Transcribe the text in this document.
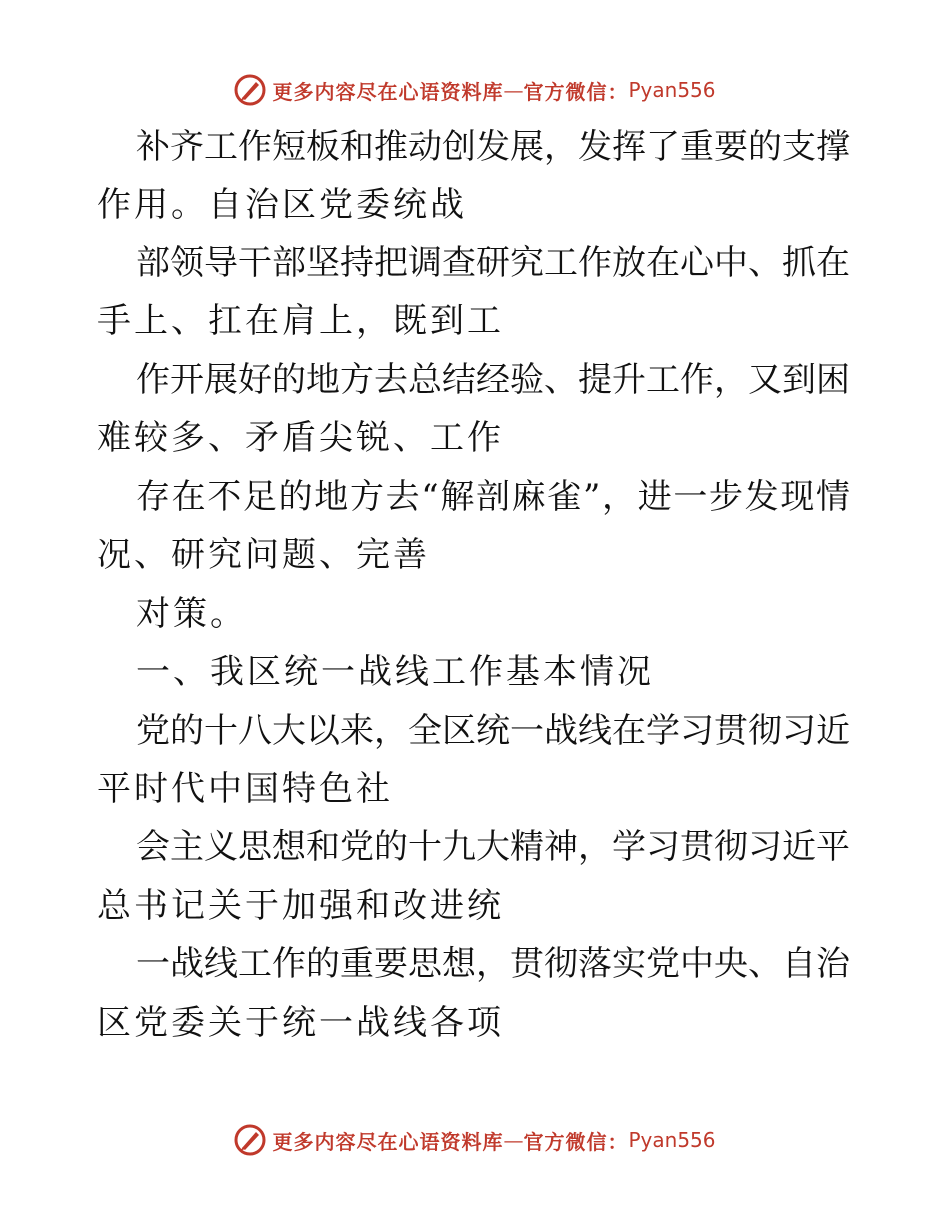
更多内容尽在心语资料库 — 官方微信： Pyan556
补齐工作短板和推动创发展，发挥了重要的支撑
作用。自治区党委统战
部领导干部坚持把调查研究工作放在心中、抓在
手上、扛在肩上，既到工
作开展好的地方去总结经验、提升工作，又到困
难较多、矛盾尖锐、工作
存在不足的地方去“解剖麻雀”，进一步发现情
况、研究问题、完善
对策。
一、我区统一战线工作基本情况
党的十八大以来，全区统一战线在学习贯彻习近
平时代中国特色社
会主义思想和党的十九大精神，学习贯彻习近平
总书记关于加强和改进统
一战线工作的重要思想，贯彻落实党中央、自治
区党委关于统一战线各项
更多内容尽在心语资料库 — 官方微信： Pyan556
